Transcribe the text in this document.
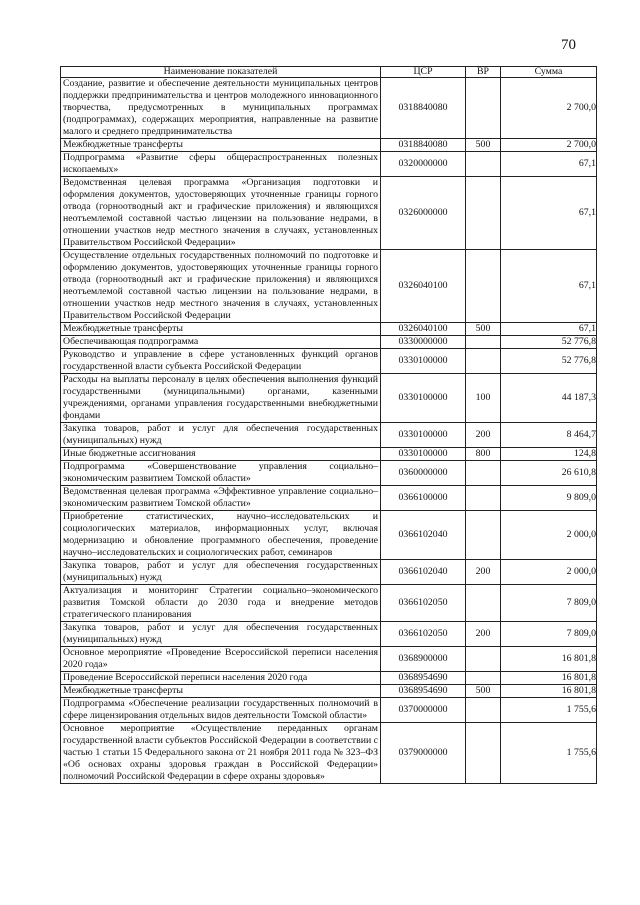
70
Наименование показателей	ЦСР	ВР	Сумма
Создание, развитие и обеспечение деятельности муниципальных центров поддержки предпринимательства и центров молодежного инновационного творчества, предусмотренных в муниципальных программах (подпрограммах), содержащих мероприятия, направленные на развитие малого и среднего предпринимательства	0318840080		2 700,0
Межбюджетные трансферты	0318840080	500	2 700,0
Подпрограмма «Развитие сферы общераспространенных полезных ископаемых»	0320000000		67,1
Ведомственная целевая программа «Организация подготовки и оформления документов, удостоверяющих уточненные границы горного отвода (горноотводный акт и графические приложения) и являющихся неотъемлемой составной частью лицензии на пользование недрами, в отношении участков недр местного значения в случаях, установленных Правительством Российской Федерации»	0326000000		67,1
Осуществление отдельных государственных полномочий по подготовке и оформлению документов, удостоверяющих уточненные границы горного отвода (горноотводный акт и графические приложения) и являющихся неотъемлемой составной частью лицензии на пользование недрами, в отношении участков недр местного значения в случаях, установленных Правительством Российской Федерации	0326040100		67,1
Межбюджетные трансферты	0326040100	500	67,1
Обеспечивающая подпрограмма	0330000000		52 776,8
Руководство и управление в сфере установленных функций органов государственной власти субъекта Российской Федерации	0330100000		52 776,8
Расходы на выплаты персоналу в целях обеспечения выполнения функций государственными (муниципальными) органами, казенными учреждениями, органами управления государственными внебюджетными фондами	0330100000	100	44 187,3
Закупка товаров, работ и услуг для обеспечения государственных (муниципальных) нужд	0330100000	200	8 464,7
Иные бюджетные ассигнования	0330100000	800	124,8
Подпрограмма «Совершенствование управления социально–экономическим развитием Томской области»	0360000000		26 610,8
Ведомственная целевая программа «Эффективное управление социально–экономическим развитием Томской области»	0366100000		9 809,0
Приобретение статистических, научно–исследовательских и социологических материалов, информационных услуг, включая модернизацию и обновление программного обеспечения, проведение научно–исследовательских и социологических работ, семинаров	0366102040		2 000,0
Закупка товаров, работ и услуг для обеспечения государственных (муниципальных) нужд	0366102040	200	2 000,0
Актуализация и мониторинг Стратегии социально–экономического развития Томской области до 2030 года и внедрение методов стратегического планирования	0366102050		7 809,0
Закупка товаров, работ и услуг для обеспечения государственных (муниципальных) нужд	0366102050	200	7 809,0
Основное мероприятие «Проведение Всероссийской переписи населения 2020 года»	0368900000		16 801,8
Проведение Всероссийской переписи населения 2020 года	0368954690		16 801,8
Межбюджетные трансферты	0368954690	500	16 801,8
Подпрограмма «Обеспечение реализации государственных полномочий в сфере лицензирования отдельных видов деятельности Томской области»	0370000000		1 755,6
Основное мероприятие «Осуществление переданных органам государственной власти субъектов Российской Федерации в соответствии с частью 1 статьи 15 Федерального закона от 21 ноября 2011 года № 323–ФЗ «Об основах охраны здоровья граждан в Российской Федерации» полномочий Российской Федерации в сфере охраны здоровья»	0379000000		1 755,6
